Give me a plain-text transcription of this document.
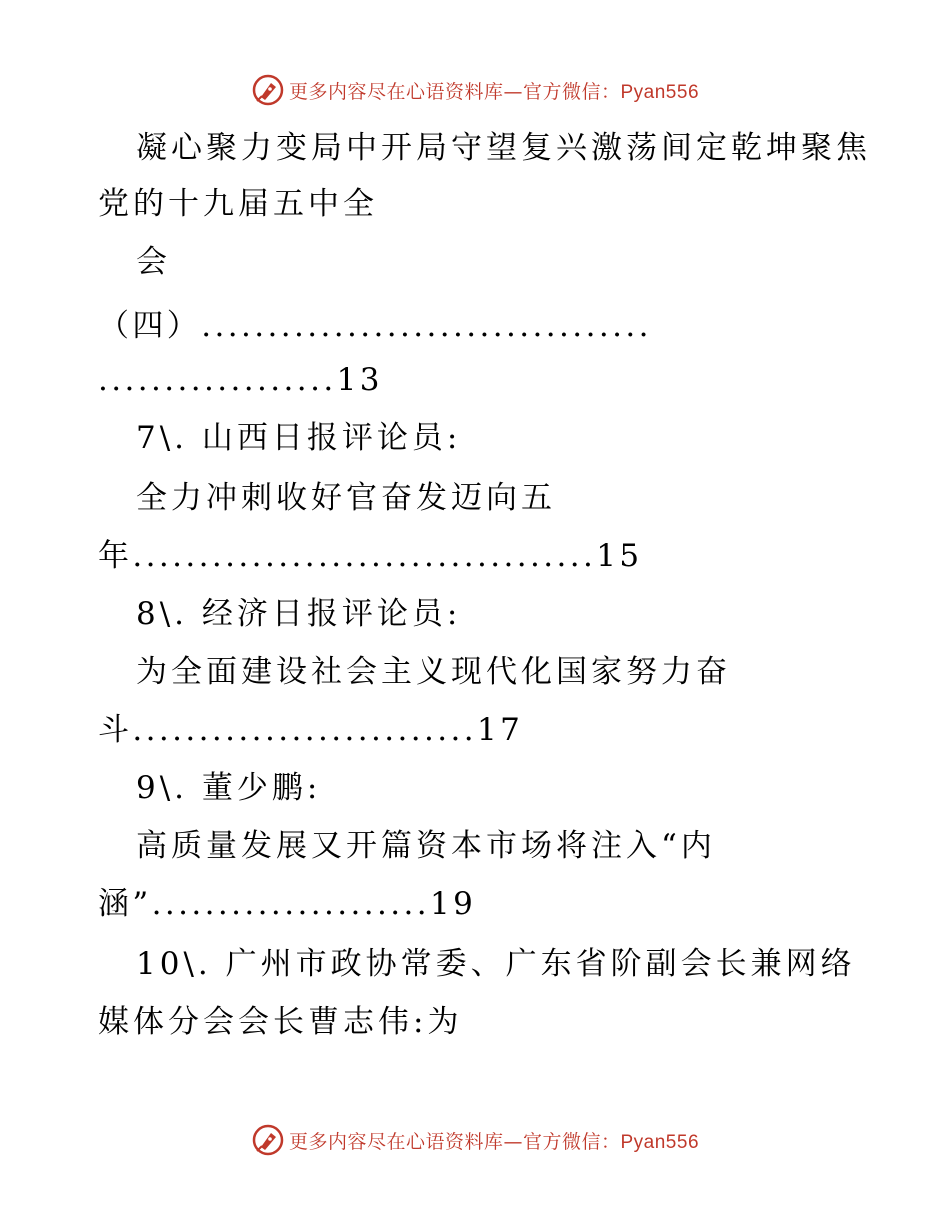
更多内容尽在心语资料库—官方微信：Pyan556
凝心聚力变局中开局守望复兴激荡间定乾坤聚焦
党的十九届五中全
会
（四）..................................
..................13
7\. 山西日报评论员:
全力冲刺收好官奋发迈向五
年...................................15
8\. 经济日报评论员:
为全面建设社会主义现代化国家努力奋
斗..........................17
9\. 董少鹏:
高质量发展又开篇资本市场将注入“内
涵”.....................19
10\. 广州市政协常委、广东省阶副会长兼网络
媒体分会会长曹志伟:为
更多内容尽在心语资料库—官方微信：Pyan556
